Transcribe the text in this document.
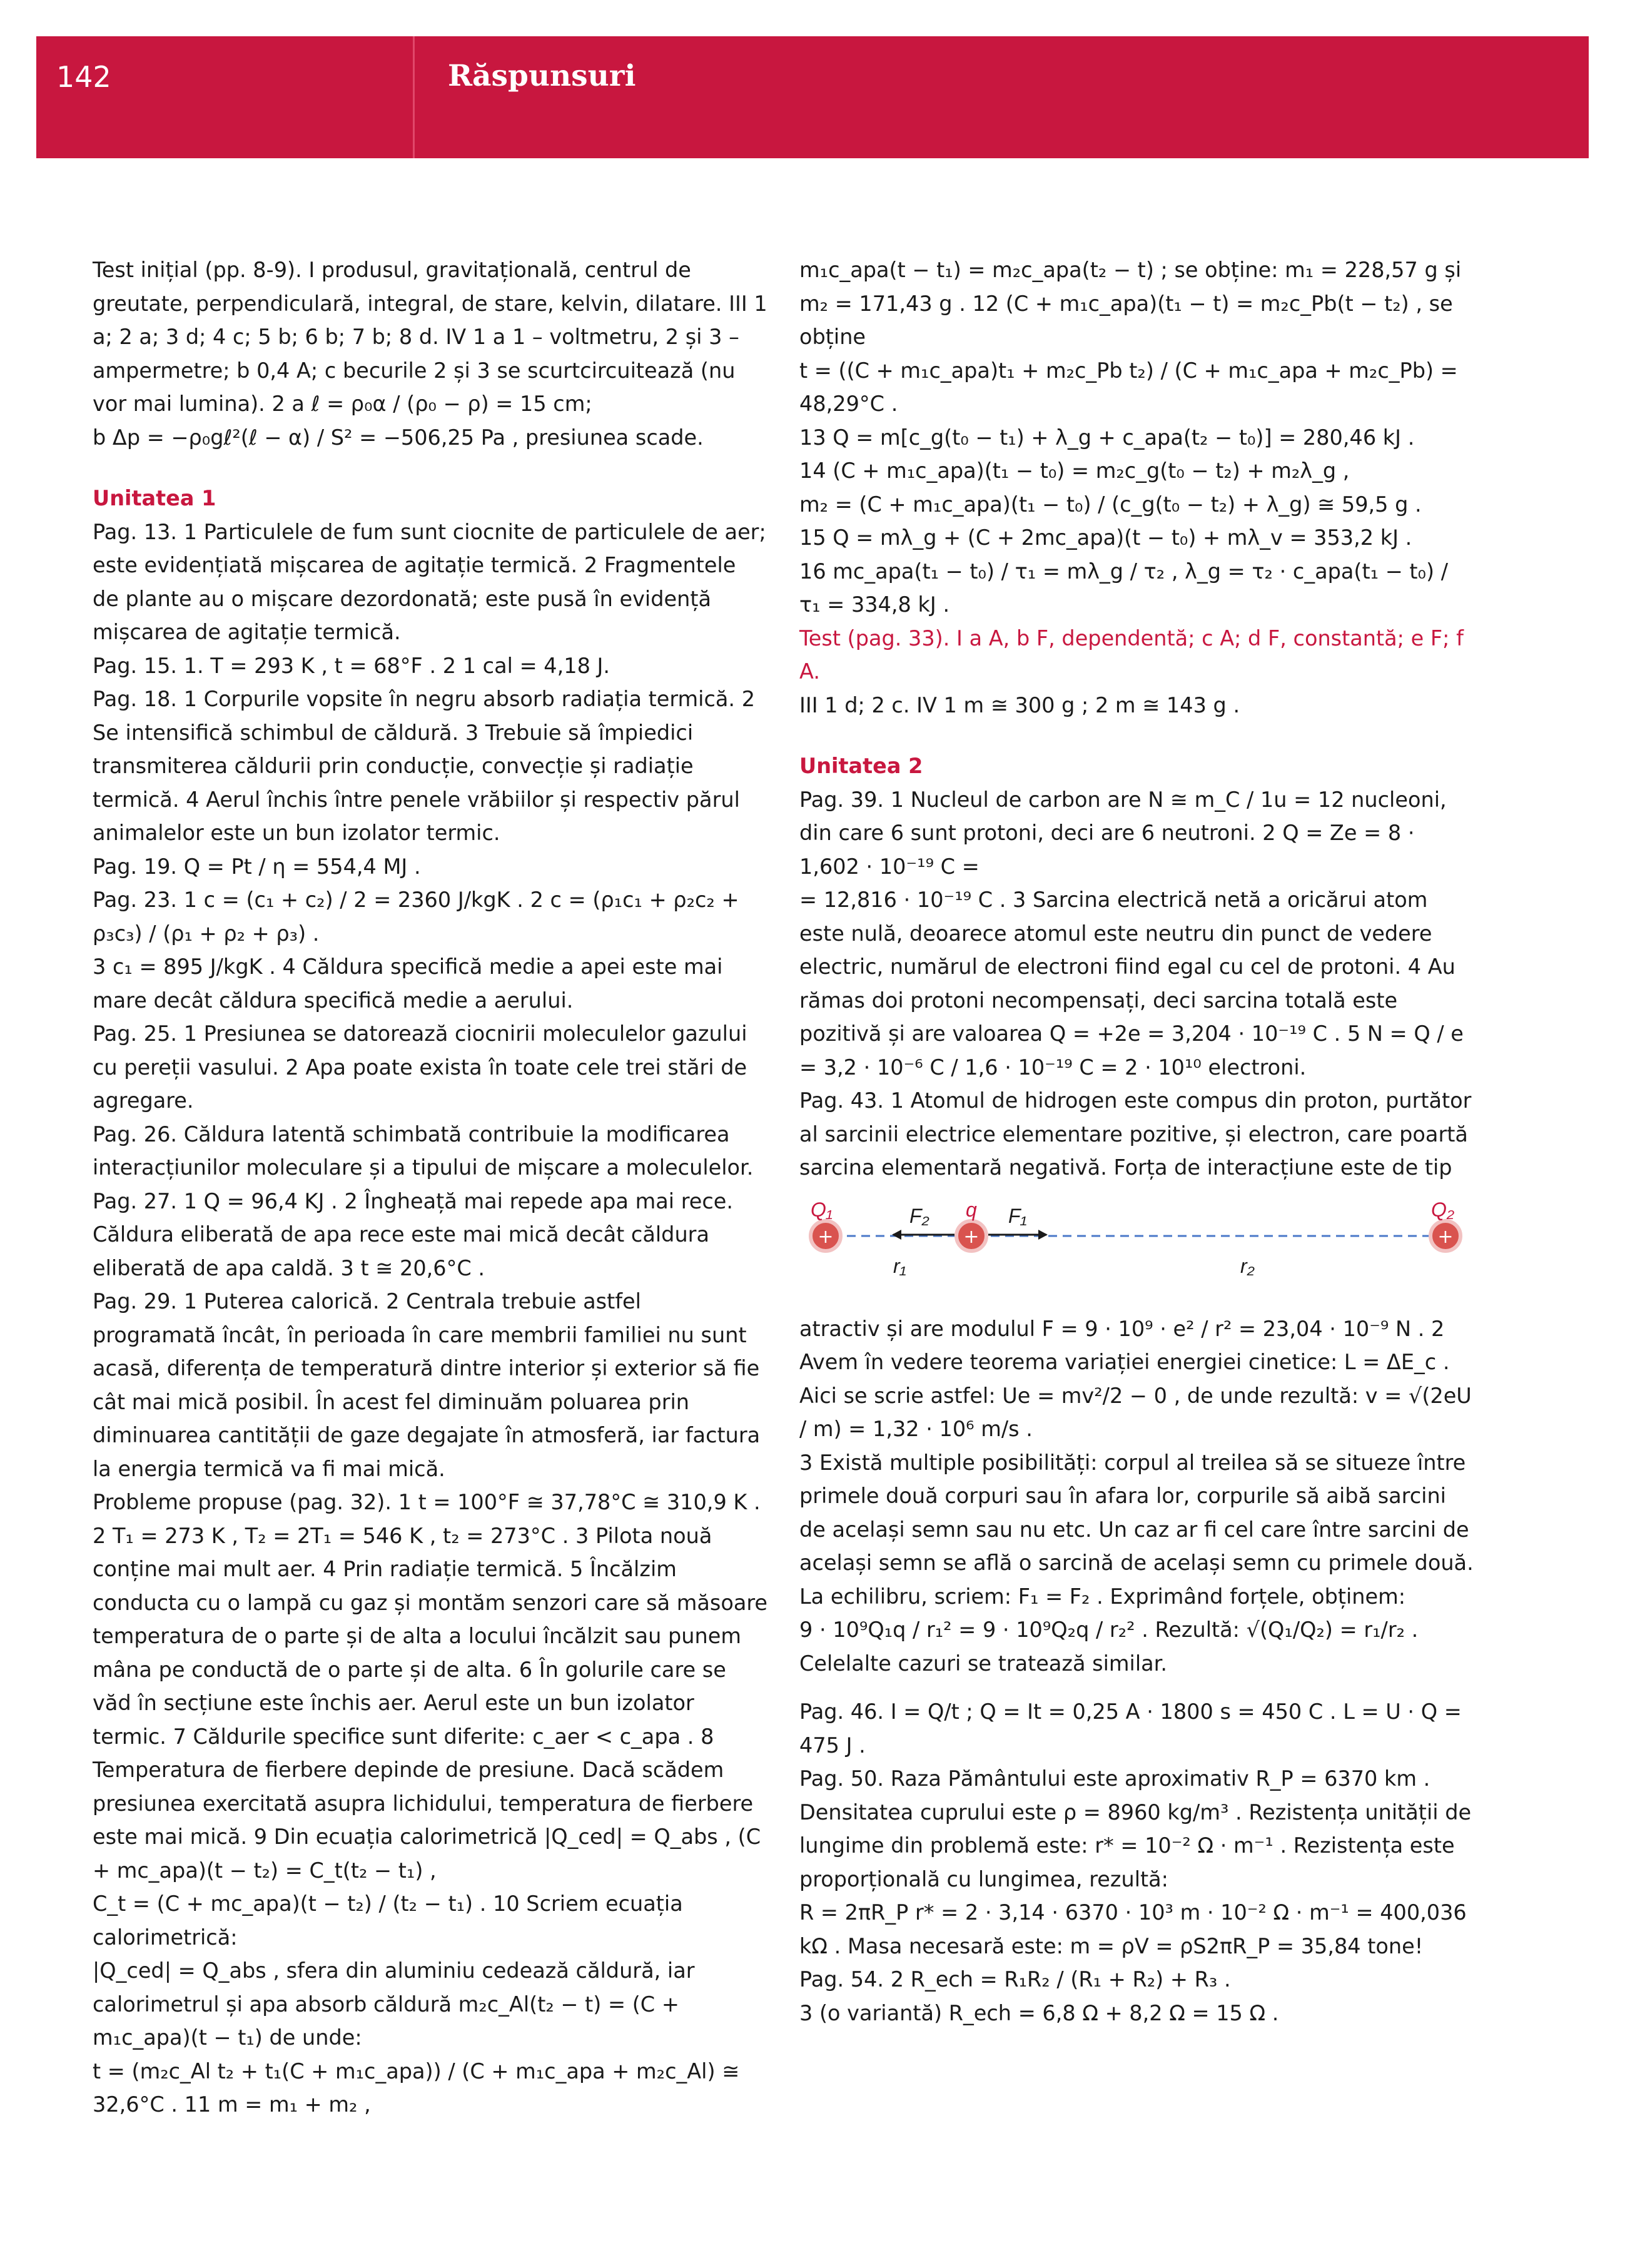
142	Răspunsuri

Test inițial (pp. 8-9). I produsul, gravitațională, centrul de greutate, perpendiculară, integral, de stare, kelvin, dilatare. III 1 a; 2 a; 3 d; 4 c; 5 b; 6 b; 7 b; 8 d. IV 1 a 1 – voltmetru, 2 și 3 – ampermetre; b 0,4 A; c becurile 2 și 3 se scurtcircuitează (nu vor mai lumina). 2 a ℓ = ρ₀α / (ρ₀ − ρ) = 15 cm;

b Δp = −ρ₀gℓ²(ℓ − α) / S² = −506,25 Pa , presiunea scade.

Unitatea 1

Pag. 13. 1 Particulele de fum sunt ciocnite de particulele de aer; este evidențiată mișcarea de agitație termică. 2 Fragmentele de plante au o mișcare dezordonată; este pusă în evidență mișcarea de agitație termică.

Pag. 15. 1. T = 293 K , t = 68°F . 2 1 cal = 4,18 J.

Pag. 18. 1 Corpurile vopsite în negru absorb radiația termică. 2 Se intensifică schimbul de căldură. 3 Trebuie să împiedici transmiterea căldurii prin conducție, convecție și radiație termică. 4 Aerul închis între penele vrăbiilor și respectiv părul animalelor este un bun izolator termic.

Pag. 19. Q = Pt / η = 554,4 MJ .

Pag. 23. 1 c = (c₁ + c₂) / 2 = 2360 J/kgK . 2 c = (ρ₁c₁ + ρ₂c₂ + ρ₃c₃) / (ρ₁ + ρ₂ + ρ₃) .

3 c₁ = 895 J/kgK . 4 Căldura specifică medie a apei este mai mare decât căldura specifică medie a aerului.

Pag. 25. 1 Presiunea se datorează ciocnirii moleculelor gazului cu pereții vasului. 2 Apa poate exista în toate cele trei stări de agregare.

Pag. 26. Căldura latentă schimbată contribuie la modificarea interacțiunilor moleculare și a tipului de mișcare a moleculelor.

Pag. 27. 1 Q = 96,4 KJ . 2 Îngheață mai repede apa mai rece. Căldura eliberată de apa rece este mai mică decât căldura eliberată de apa caldă. 3 t ≅ 20,6°C .

Pag. 29. 1 Puterea calorică. 2 Centrala trebuie astfel programată încât, în perioada în care membrii familiei nu sunt acasă, diferența de temperatură dintre interior și exterior să fie cât mai mică posibil. În acest fel diminuăm poluarea prin diminuarea cantității de gaze degajate în atmosferă, iar factura la energia termică va fi mai mică.

Probleme propuse (pag. 32). 1 t = 100°F ≅ 37,78°C ≅ 310,9 K . 2 T₁ = 273 K , T₂ = 2T₁ = 546 K , t₂ = 273°C . 3 Pilota nouă conține mai mult aer. 4 Prin radiație termică. 5 Încălzim conducta cu o lampă cu gaz și montăm senzori care să măsoare temperatura de o parte și de alta a locului încălzit sau punem mâna pe conductă de o parte și de alta. 6 În golurile care se văd în secțiune este închis aer. Aerul este un bun izolator termic. 7 Căldurile specifice sunt diferite: c_aer < c_apa . 8 Temperatura de fierbere depinde de presiune. Dacă scădem presiunea exercitată asupra lichidului, temperatura de fierbere este mai mică. 9 Din ecuația calorimetrică |Q_ced| = Q_abs , (C + mc_apa)(t − t₂) = C_t(t₂ − t₁) ,

C_t = (C + mc_apa)(t − t₂) / (t₂ − t₁) . 10 Scriem ecuația calorimetrică:

|Q_ced| = Q_abs , sfera din aluminiu cedează căldură, iar calorimetrul și apa absorb căldură m₂c_Al(t₂ − t) = (C + m₁c_apa)(t − t₁) de unde:

t = (m₂c_Al t₂ + t₁(C + m₁c_apa)) / (C + m₁c_apa + m₂c_Al) ≅ 32,6°C . 11 m = m₁ + m₂ ,

m₁c_apa(t − t₁) = m₂c_apa(t₂ − t) ; se obține: m₁ = 228,57 g și m₂ = 171,43 g . 12 (C + m₁c_apa)(t₁ − t) = m₂c_Pb(t − t₂) , se obține

t = ((C + m₁c_apa)t₁ + m₂c_Pb t₂) / (C + m₁c_apa + m₂c_Pb) = 48,29°C .

13 Q = m[c_g(t₀ − t₁) + λ_g + c_apa(t₂ − t₀)] = 280,46 kJ .

14 (C + m₁c_apa)(t₁ − t₀) = m₂c_g(t₀ − t₂) + m₂λ_g ,

m₂ = (C + m₁c_apa)(t₁ − t₀) / (c_g(t₀ − t₂) + λ_g) ≅ 59,5 g .

15 Q = mλ_g + (C + 2mc_apa)(t − t₀) + mλ_v = 353,2 kJ .

16 mc_apa(t₁ − t₀) / τ₁ = mλ_g / τ₂ , λ_g = τ₂ · c_apa(t₁ − t₀) / τ₁ = 334,8 kJ .

Test (pag. 33). I a A, b F, dependentă; c A; d F, constantă; e F; f A.

III 1 d; 2 c. IV 1 m ≅ 300 g ; 2 m ≅ 143 g .

Unitatea 2

Pag. 39. 1 Nucleul de carbon are N ≅ m_C / 1u = 12 nucleoni, din care 6 sunt protoni, deci are 6 neutroni. 2 Q = Ze = 8 · 1,602 · 10⁻¹⁹ C =

= 12,816 · 10⁻¹⁹ C . 3 Sarcina electrică netă a oricărui atom este nulă, deoarece atomul este neutru din punct de vedere electric, numărul de electroni fiind egal cu cel de protoni. 4 Au rămas doi protoni necompensați, deci sarcina totală este pozitivă și are valoarea Q = +2e = 3,204 · 10⁻¹⁹ C . 5 N = Q / e = 3,2 · 10⁻⁶ C / 1,6 · 10⁻¹⁹ C = 2 · 10¹⁰ electroni.

Pag. 43. 1 Atomul de hidrogen este compus din proton, purtător al sarcinii electrice elementare pozitive, și electron, care poartă sarcina elementară negativă. Forța de interacțiune este de tip

+	+	+
Q₁	q	Q₂
F₂	F₁
r₁	r₂

atractiv și are modulul F = 9 · 10⁹ · e² / r² = 23,04 · 10⁻⁹ N . 2 Avem în vedere teorema variației energiei cinetice: L = ΔE_c . Aici se scrie astfel: Ue = mv²/2 − 0 , de unde rezultă: v = √(2eU / m) = 1,32 · 10⁶ m/s .

3 Există multiple posibilități: corpul al treilea să se situeze între primele două corpuri sau în afara lor, corpurile să aibă sarcini de același semn sau nu etc. Un caz ar fi cel care între sarcini de același semn se află o sarcină de același semn cu primele două. La echilibru, scriem: F₁ = F₂ . Exprimând forțele, obținem:

9 · 10⁹Q₁q / r₁² = 9 · 10⁹Q₂q / r₂² . Rezultă: √(Q₁/Q₂) = r₁/r₂ . Celelalte cazuri se tratează similar.

Pag. 46. I = Q/t ; Q = It = 0,25 A · 1800 s = 450 C . L = U · Q = 475 J .

Pag. 50. Raza Pământului este aproximativ R_P = 6370 km . Densitatea cuprului este ρ = 8960 kg/m³ . Rezistența unității de lungime din problemă este: r* = 10⁻² Ω · m⁻¹ . Rezistența este proporțională cu lungimea, rezultă:

R = 2πR_P r* = 2 · 3,14 · 6370 · 10³ m · 10⁻² Ω · m⁻¹ = 400,036 kΩ . Masa necesară este: m = ρV = ρS2πR_P = 35,84 tone!

Pag. 54. 2 R_ech = R₁R₂ / (R₁ + R₂) + R₃ .

3 (o variantă) R_ech = 6,8 Ω + 8,2 Ω = 15 Ω .
